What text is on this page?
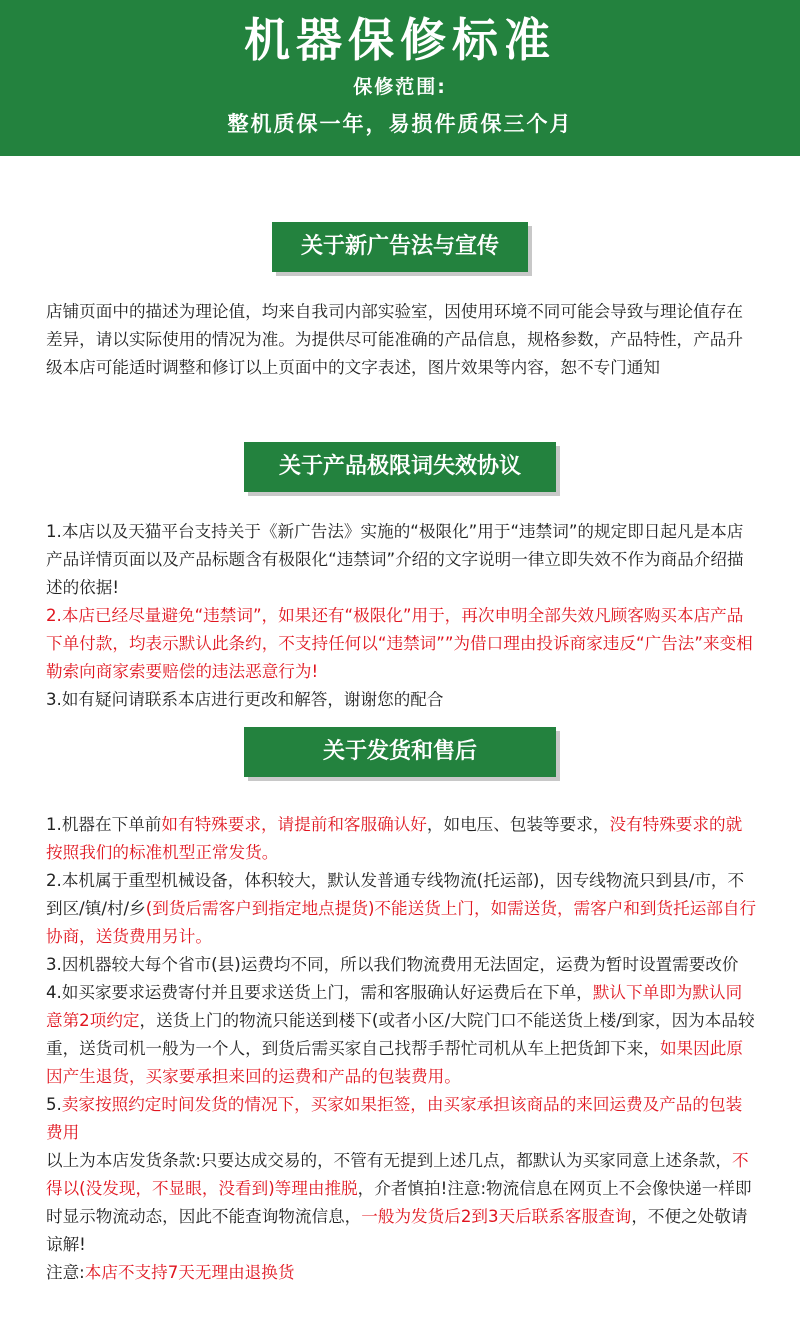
机器保修标准
保修范围:
整机质保一年，易损件质保三个月
关于新广告法与宣传

店铺页面中的描述为理论值，均来自我司内部实验室，因使用环境不同可能会导致与理论值存在差异，请以实际使用的情况为准。为提供尽可能准确的产品信息，规格参数，产品特性，产品升级本店可能适时调整和修订以上页面中的文字表述，图片效果等内容，恕不专门通知

关于产品极限词失效协议

1.本店以及天猫平台支持关于《新广告法》实施的“极限化”用于“违禁词”的规定即日起凡是本店产品详情页面以及产品标题含有极限化“违禁词”介绍的文字说明一律立即失效不作为商品介绍描述的依据!

2.本店已经尽量避免“违禁词”，如果还有“极限化”用于，再次申明全部失效凡顾客购买本店产品下单付款，均表示默认此条约，不支持任何以“违禁词””为借口理由投诉商家违反“广告法”来变相勒索向商家索要赔偿的违法恶意行为!

3.如有疑问请联系本店进行更改和解答，谢谢您的配合

关于发货和售后

1.机器在下单前如有特殊要求，请提前和客服确认好，如电压、包装等要求，没有特殊要求的就按照我们的标准机型正常发货。

2.本机属于重型机械设备，体积较大，默认发普通专线物流(托运部)，因专线物流只到县/市，不到区/镇/村/乡(到货后需客户到指定地点提货)不能送货上门，如需送货，需客户和到货托运部自行协商，送货费用另计。

3.因机器较大每个省市(县)运费均不同，所以我们物流费用无法固定，运费为暂时设置需要改价

4.如买家要求运费寄付并且要求送货上门，需和客服确认好运费后在下单，默认下单即为默认同意第2项约定，送货上门的物流只能送到楼下(或者小区/大院门口不能送货上楼/到家，因为本品较重，送货司机一般为一个人，到货后需买家自己找帮手帮忙司机从车上把货卸下来，如果因此原因产生退货，买家要承担来回的运费和产品的包装费用。

5.卖家按照约定时间发货的情况下，买家如果拒签，由买家承担该商品的来回运费及产品的包装费用

以上为本店发货条款:只要达成交易的，不管有无提到上述几点，都默认为买家同意上述条款，不得以(没发现，不显眼，没看到)等理由推脱，介者慎拍!注意:物流信息在网页上不会像快递一样即时显示物流动态，因此不能查询物流信息，一般为发货后2到3天后联系客服查询，不便之处敬请谅解!

注意:本店不支持7天无理由退换货
